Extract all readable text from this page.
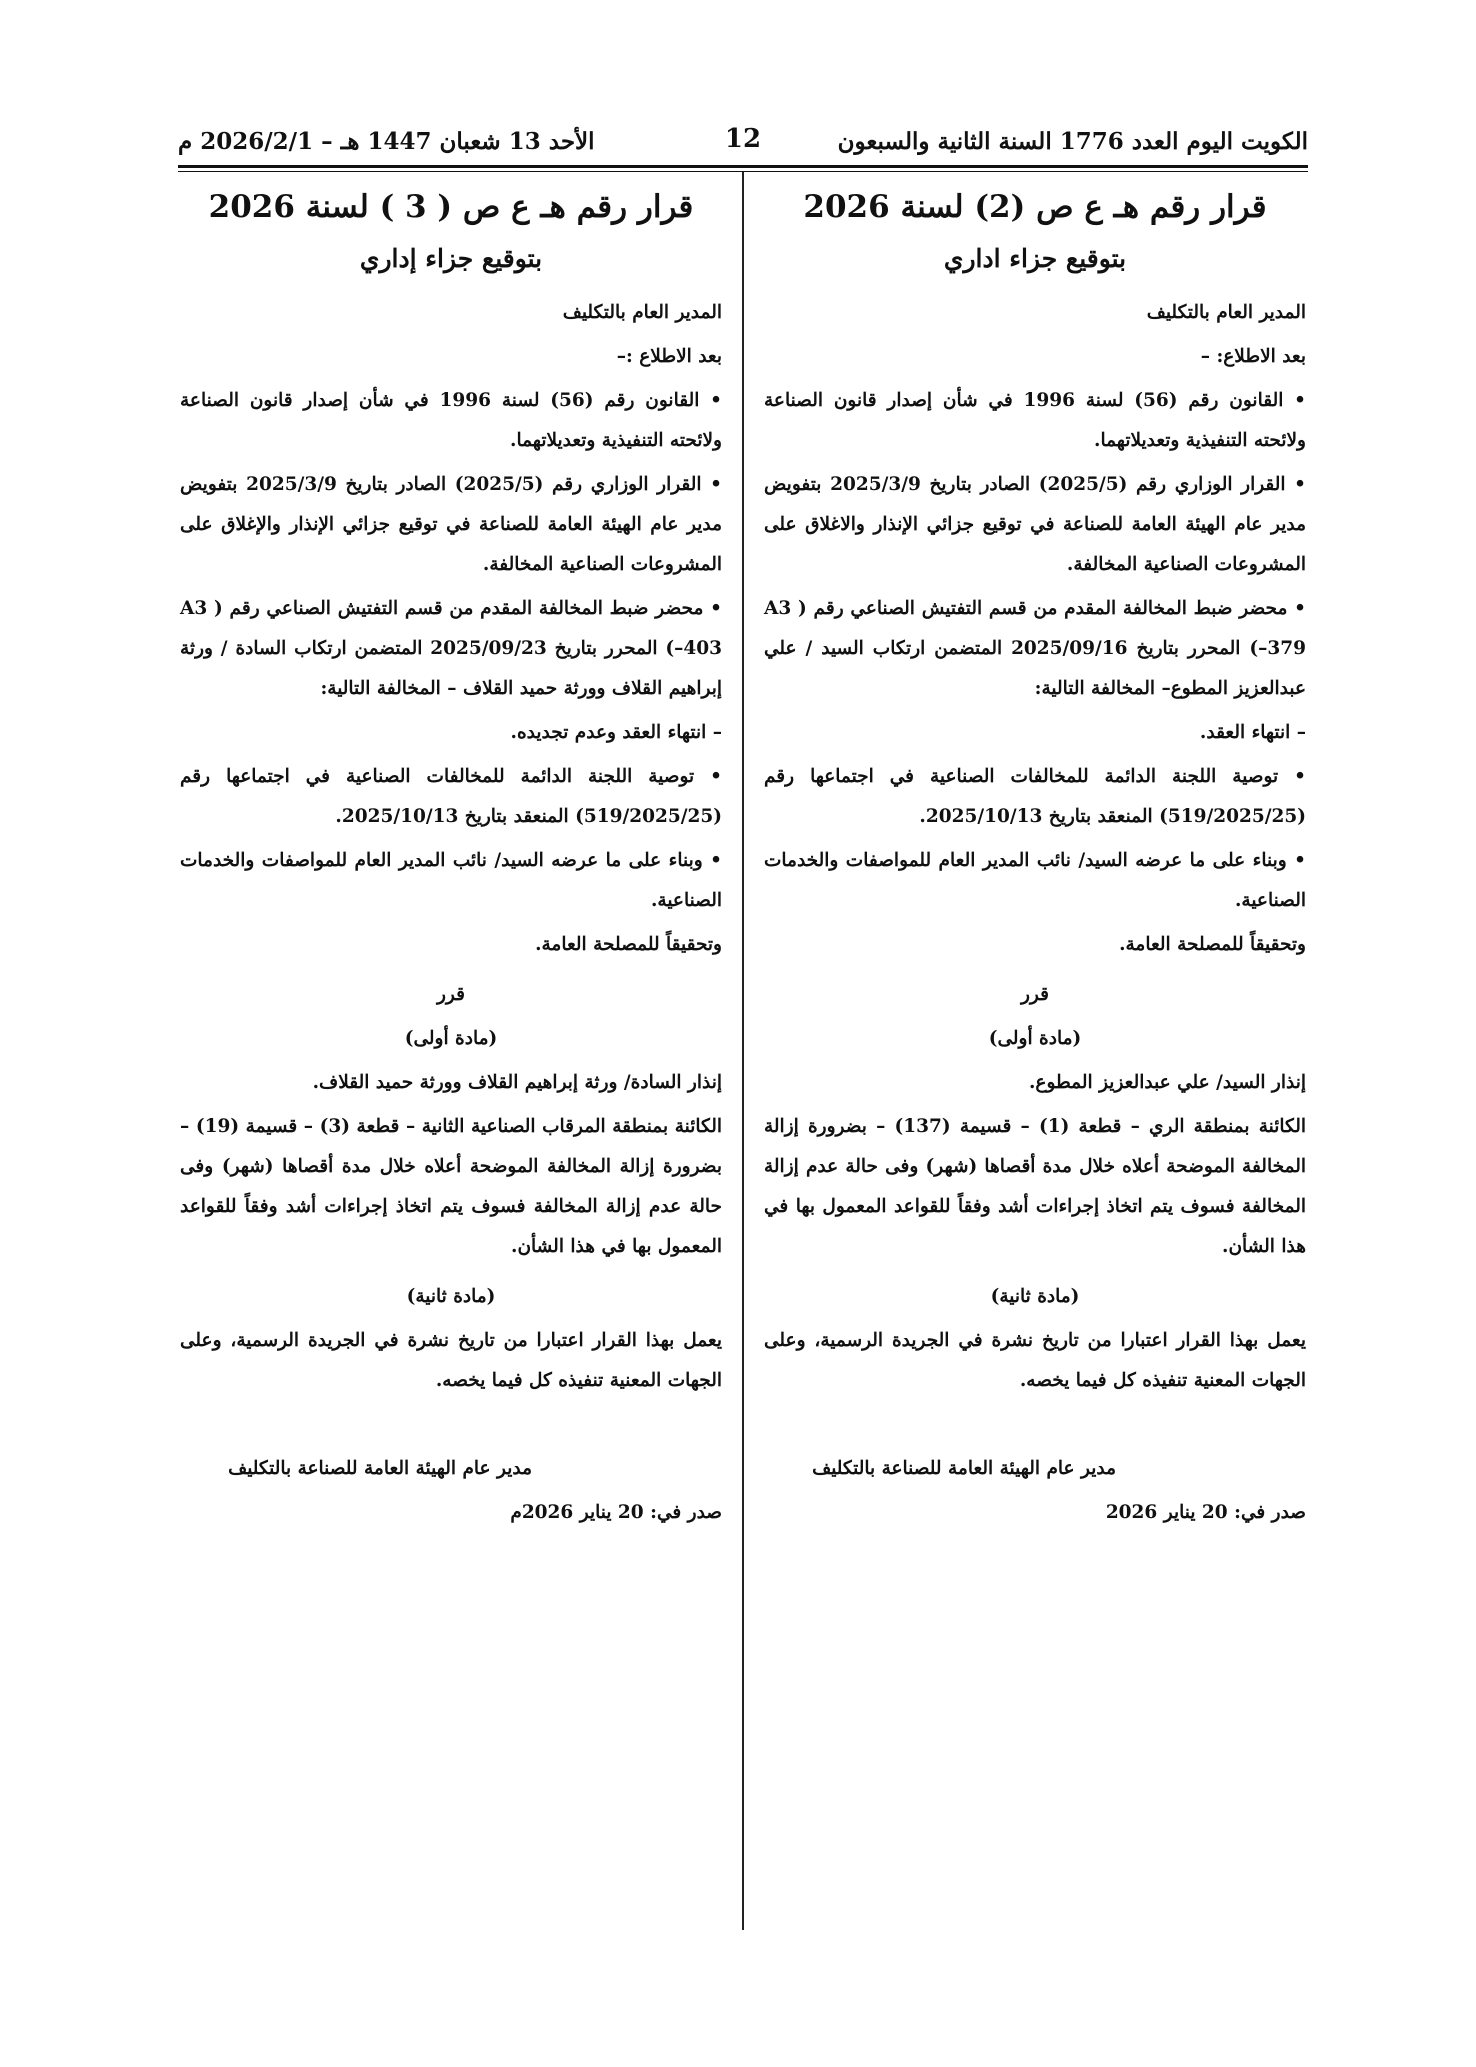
الكويت اليوم العدد 1776 السنة الثانية والسبعون
12
الأحد 13 شعبان 1447 هـ – 2026/2/1 م
قرار رقم هـ ع ص (2) لسنة 2026
بتوقيع جزاء اداري
المدير العام بالتكليف
بعد الاطلاع: –
• القانون رقم (56) لسنة 1996 في شأن إصدار قانون الصناعة ولائحته التنفيذية وتعديلاتهما.
• القرار الوزاري رقم (2025/5) الصادر بتاريخ 2025/3/9 بتفويض مدير عام الهيئة العامة للصناعة في توقيع جزائي الإنذار والاغلاق على المشروعات الصناعية المخالفة.
• محضر ضبط المخالفة المقدم من قسم التفتيش الصناعي رقم ( A3 –379) المحرر بتاريخ 2025/09/16 المتضمن ارتكاب السيد / علي عبدالعزيز المطوع– المخالفة التالية:
– انتهاء العقد.
• توصية اللجنة الدائمة للمخالفات الصناعية في اجتماعها رقم (519/2025/25) المنعقد بتاريخ 2025/10/13.
• وبناء على ما عرضه السيد/ نائب المدير العام للمواصفات والخدمات الصناعية.
وتحقيقاً للمصلحة العامة.
قرر
(مادة أولى)
إنذار السيد/ علي عبدالعزيز المطوع.
الكائنة بمنطقة الري – قطعة (1) – قسيمة (137) – بضرورة إزالة المخالفة الموضحة أعلاه خلال مدة أقصاها (شهر) وفى حالة عدم إزالة المخالفة فسوف يتم اتخاذ إجراءات أشد وفقاً للقواعد المعمول بها في هذا الشأن.
(مادة ثانية)
يعمل بهذا القرار اعتبارا من تاريخ نشرة في الجريدة الرسمية، وعلى الجهات المعنية تنفيذه كل فيما يخصه.
مدير عام الهيئة العامة للصناعة بالتكليف
صدر في: 20 يناير 2026
قرار رقم هـ ع ص ( 3 ) لسنة 2026
بتوقيع جزاء إداري
المدير العام بالتكليف
بعد الاطلاع :–
• القانون رقم (56) لسنة 1996 في شأن إصدار قانون الصناعة ولائحته التنفيذية وتعديلاتهما.
• القرار الوزاري رقم (2025/5) الصادر بتاريخ 2025/3/9 بتفويض مدير عام الهيئة العامة للصناعة في توقيع جزائي الإنذار والإغلاق على المشروعات الصناعية المخالفة.
• محضر ضبط المخالفة المقدم من قسم التفتيش الصناعي رقم ( A3 –403) المحرر بتاريخ 2025/09/23 المتضمن ارتكاب السادة / ورثة إبراهيم القلاف وورثة حميد القلاف – المخالفة التالية:
– انتهاء العقد وعدم تجديده.
• توصية اللجنة الدائمة للمخالفات الصناعية في اجتماعها رقم (519/2025/25) المنعقد بتاريخ 2025/10/13.
• وبناء على ما عرضه السيد/ نائب المدير العام للمواصفات والخدمات الصناعية.
وتحقيقاً للمصلحة العامة.
قرر
(مادة أولى)
إنذار السادة/ ورثة إبراهيم القلاف وورثة حميد القلاف.
الكائنة بمنطقة المرقاب الصناعية الثانية – قطعة (3) – قسيمة (19) – بضرورة إزالة المخالفة الموضحة أعلاه خلال مدة أقصاها (شهر) وفى حالة عدم إزالة المخالفة فسوف يتم اتخاذ إجراءات أشد وفقاً للقواعد المعمول بها في هذا الشأن.
(مادة ثانية)
يعمل بهذا القرار اعتبارا من تاريخ نشرة في الجريدة الرسمية، وعلى الجهات المعنية تنفيذه كل فيما يخصه.
مدير عام الهيئة العامة للصناعة بالتكليف
صدر في: 20 يناير 2026م
